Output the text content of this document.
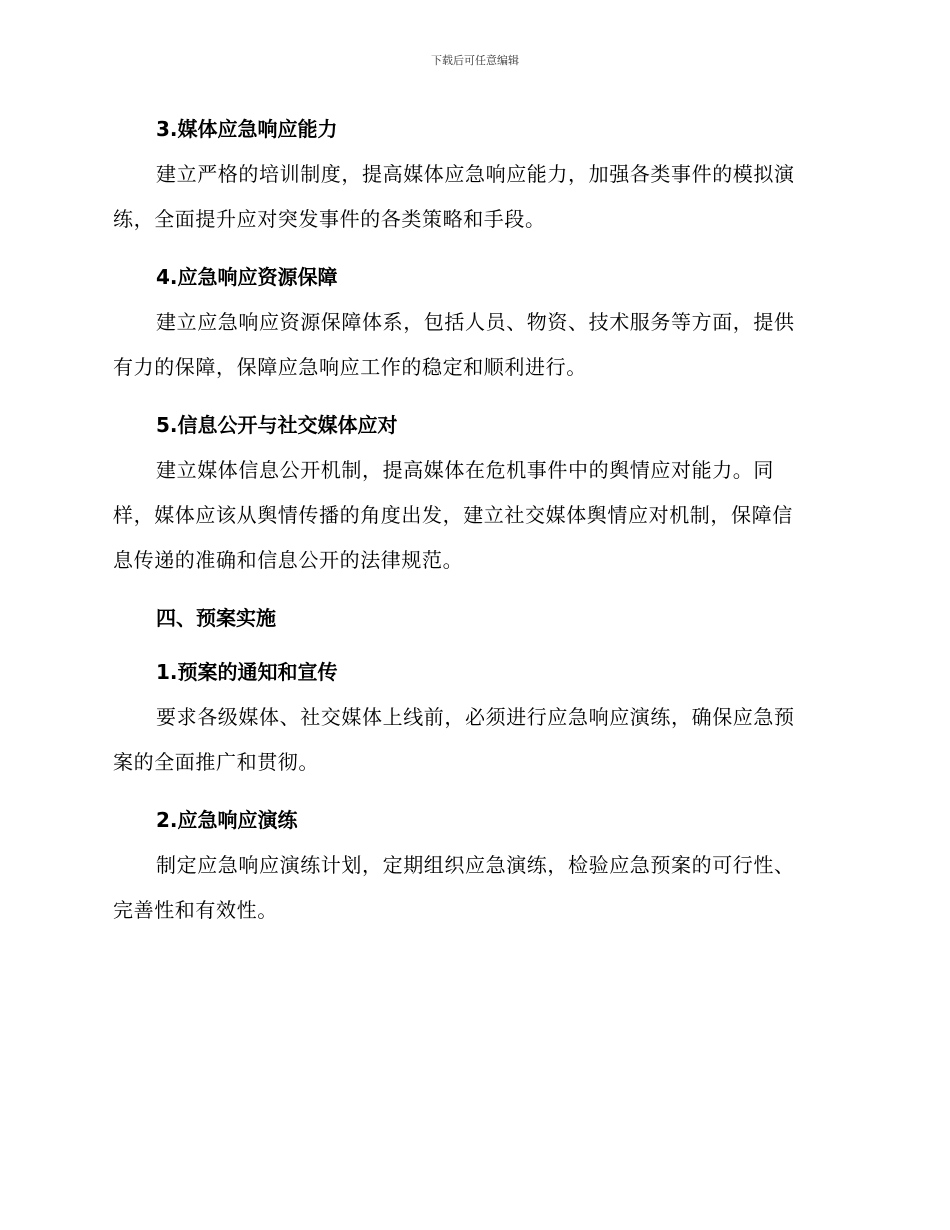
下载后可任意编辑
3.媒体应急响应能力

建立严格的培训制度，提高媒体应急响应能力，加强各类事件的模拟演
练，全面提升应对突发事件的各类策略和手段。

4.应急响应资源保障

建立应急响应资源保障体系，包括人员、物资、技术服务等方面，提供
有力的保障，保障应急响应工作的稳定和顺利进行。

5.信息公开与社交媒体应对

建立媒体信息公开机制，提高媒体在危机事件中的舆情应对能力。同
样，媒体应该从舆情传播的角度出发，建立社交媒体舆情应对机制，保障信
息传递的准确和信息公开的法律规范。

四、预案实施
1.预案的通知和宣传

要求各级媒体、社交媒体上线前，必须进行应急响应演练，确保应急预
案的全面推广和贯彻。

2.应急响应演练

制定应急响应演练计划，定期组织应急演练，检验应急预案的可行性、
完善性和有效性。
